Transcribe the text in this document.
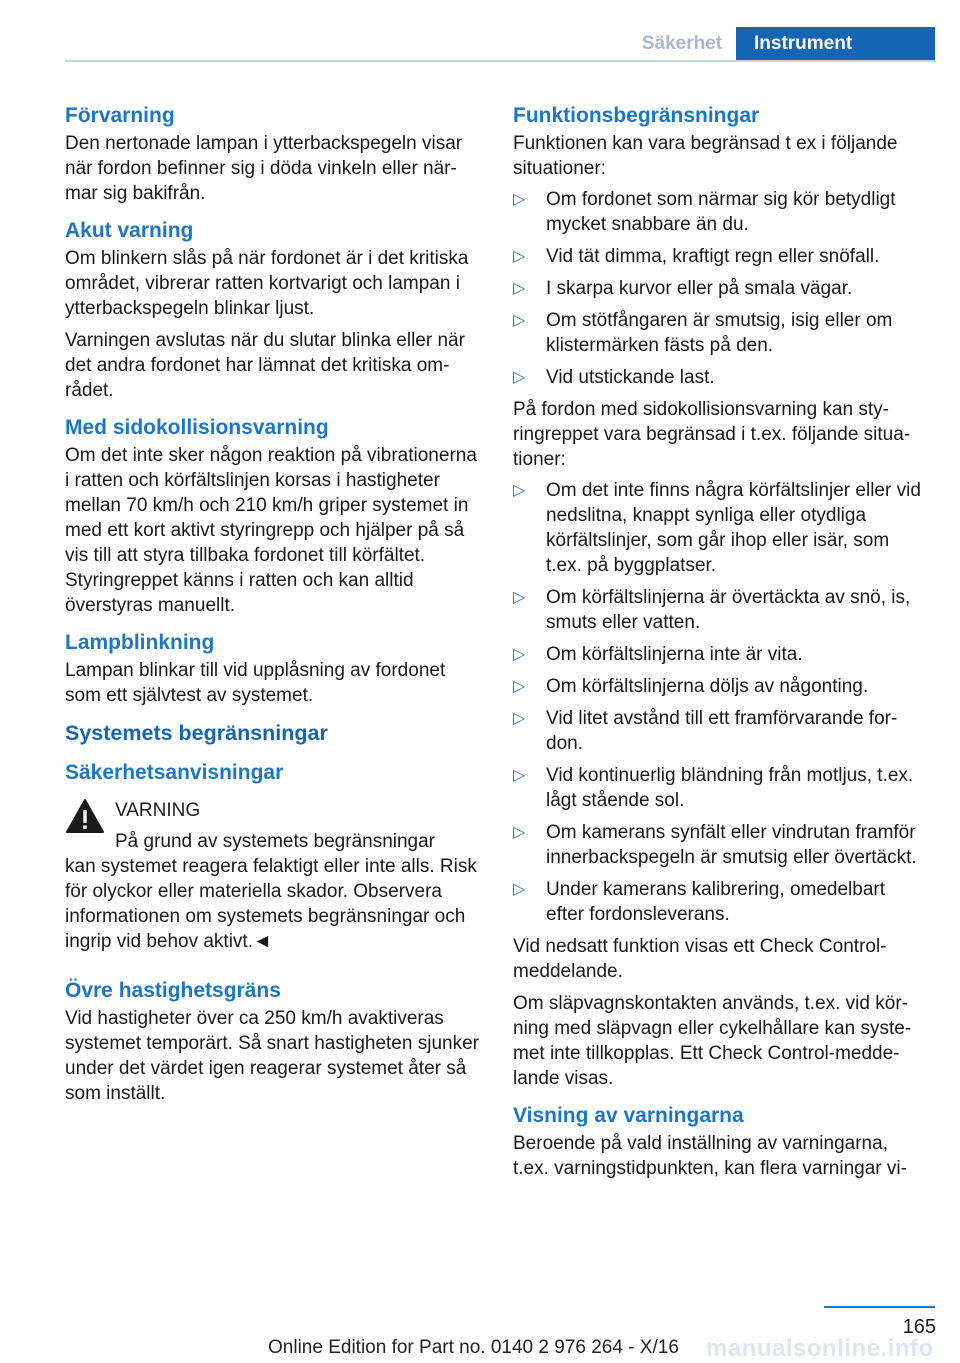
Säkerhet	Instrument
Förvarning

Den nertonade lampan i ytterbackspegeln visar när fordon befinner sig i döda vinkeln eller närmar sig bakifrån.

Akut varning

Om blinkern slås på när fordonet är i det kritiska området, vibrerar ratten kortvarigt och lampan i ytterbackspegeln blinkar ljust.

Varningen avslutas när du slutar blinka eller när det andra fordonet har lämnat det kritiska området.

Med sidokollisionsvarning

Om det inte sker någon reaktion på vibrationerna i ratten och körfältslinjen korsas i hastigheter mellan 70 km/h och 210 km/h griper systemet in med ett kort aktivt styringrepp och hjälper på så vis till att styra tillbaka fordonet till körfältet. Styringreppet känns i ratten och kan alltid överstyras manuellt.

Lampblinkning

Lampan blinkar till vid upplåsning av fordonet som ett självtest av systemet.

Systemets begränsningar
Säkerhetsanvisningar
VARNING
På grund av systemets begränsningar

kan systemet reagera felaktigt eller inte alls. Risk för olyckor eller materiella skador. Observera informationen om systemets begränsningar och ingrip vid behov aktivt.◄

Övre hastighetsgräns

Vid hastigheter över ca 250 km/h avaktiveras systemet temporärt. Så snart hastigheten sjunker under det värdet igen reagerar systemet åter så som inställt.

Funktionsbegränsningar

Funktionen kan vara begränsad t ex i följande situationer:

▷ Om fordonet som närmar sig kör betydligt mycket snabbare än du.
▷ Vid tät dimma, kraftigt regn eller snöfall.
▷ I skarpa kurvor eller på smala vägar.
▷ Om stötfångaren är smutsig, isig eller om klistermärken fästs på den.
▷ Vid utstickande last.

På fordon med sidokollisionsvarning kan styringreppet vara begränsad i t.ex. följande situationer:

▷ Om det inte finns några körfältslinjer eller vid nedslitna, knappt synliga eller otydliga körfältslinjer, som går ihop eller isär, som t.ex. på byggplatser.
▷ Om körfältslinjerna är övertäckta av snö, is, smuts eller vatten.
▷ Om körfältslinjerna inte är vita.
▷ Om körfältslinjerna döljs av någonting.
▷ Vid litet avstånd till ett framförvarande fordon.
▷ Vid kontinuerlig bländning från motljus, t.ex. lågt stående sol.
▷ Om kamerans synfält eller vindrutan framför innerbackspegeln är smutsig eller övertäckt.
▷ Under kamerans kalibrering, omedelbart efter fordonsleverans.

Vid nedsatt funktion visas ett Check Control-meddelande.

Om släpvagnskontakten används, t.ex. vid körning med släpvagn eller cykelhållare kan systemet inte tillkopplas. Ett Check Control-meddelande visas.

Visning av varningarna

Beroende på vald inställning av varningarna, t.ex. varningstidpunkten, kan flera varningar vi-

165
manualsonline.info
Online Edition for Part no. 0140 2 976 264 - X/16
